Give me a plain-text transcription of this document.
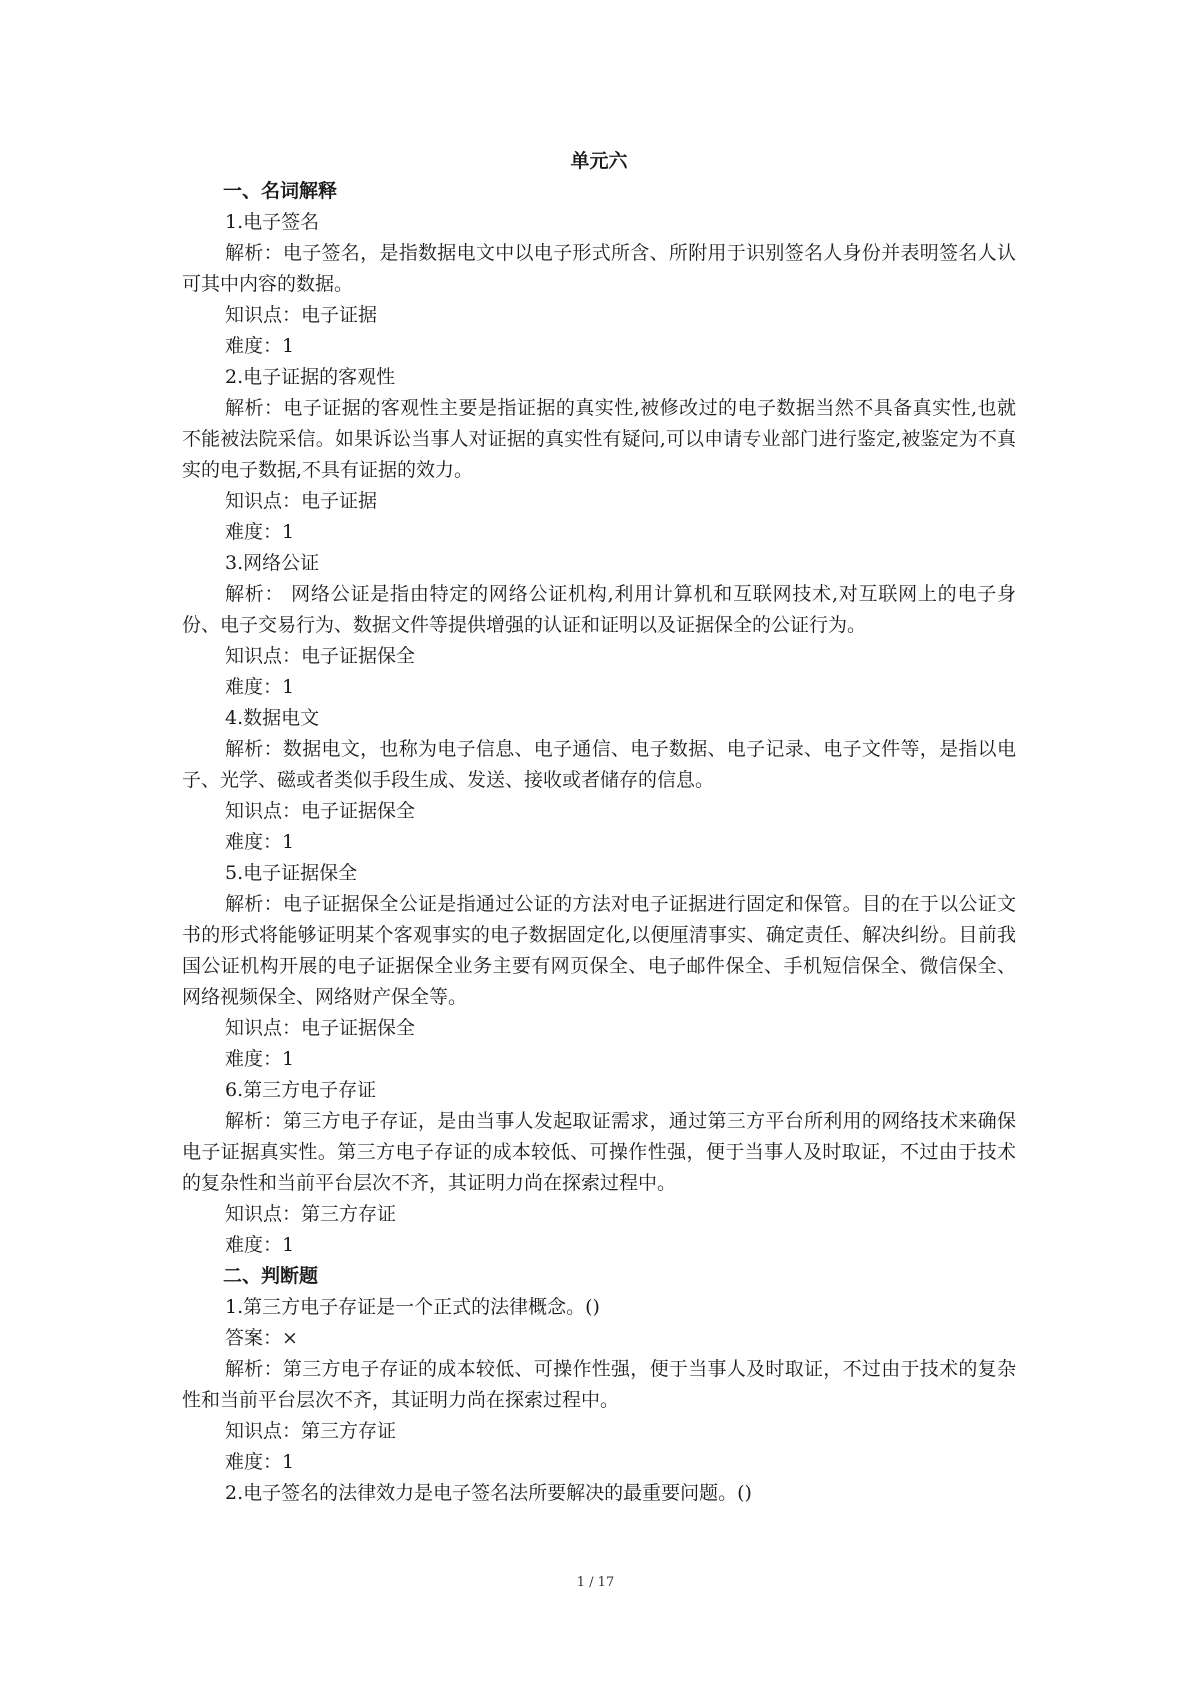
单元六

一、名词解释

1.电子签名

解析：电子签名，是指数据电文中以电子形式所含、所附用于识别签名人身份并表明签名人认可其中内容的数据。

知识点：电子证据

难度：1

2.电子证据的客观性

解析：电子证据的客观性主要是指证据的真实性,被修改过的电子数据当然不具备真实性,也就不能被法院采信。如果诉讼当事人对证据的真实性有疑问,可以申请专业部门进行鉴定,被鉴定为不真实的电子数据,不具有证据的效力。

知识点：电子证据

难度：1

3.网络公证

解析： 网络公证是指由特定的网络公证机构,利用计算机和互联网技术,对互联网上的电子身份、电子交易行为、数据文件等提供增强的认证和证明以及证据保全的公证行为。

知识点：电子证据保全

难度：1

4.数据电文

解析：数据电文，也称为电子信息、电子通信、电子数据、电子记录、电子文件等，是指以电子、光学、磁或者类似手段生成、发送、接收或者储存的信息。

知识点：电子证据保全

难度：1

5.电子证据保全

解析：电子证据保全公证是指通过公证的方法对电子证据进行固定和保管。目的在于以公证文书的形式将能够证明某个客观事实的电子数据固定化,以便厘清事实、确定责任、解决纠纷。目前我国公证机构开展的电子证据保全业务主要有网页保全、电子邮件保全、手机短信保全、微信保全、网络视频保全、网络财产保全等。

知识点：电子证据保全

难度：1

6.第三方电子存证

解析：第三方电子存证，是由当事人发起取证需求，通过第三方平台所利用的网络技术来确保电子证据真实性。第三方电子存证的成本较低、可操作性强，便于当事人及时取证，不过由于技术的复杂性和当前平台层次不齐，其证明力尚在探索过程中。

知识点：第三方存证

难度：1

二、判断题

1.第三方电子存证是一个正式的法律概念。()

答案：×

解析：第三方电子存证的成本较低、可操作性强，便于当事人及时取证，不过由于技术的复杂性和当前平台层次不齐，其证明力尚在探索过程中。

知识点：第三方存证

难度：1

2.电子签名的法律效力是电子签名法所要解决的最重要问题。()

1 / 17
